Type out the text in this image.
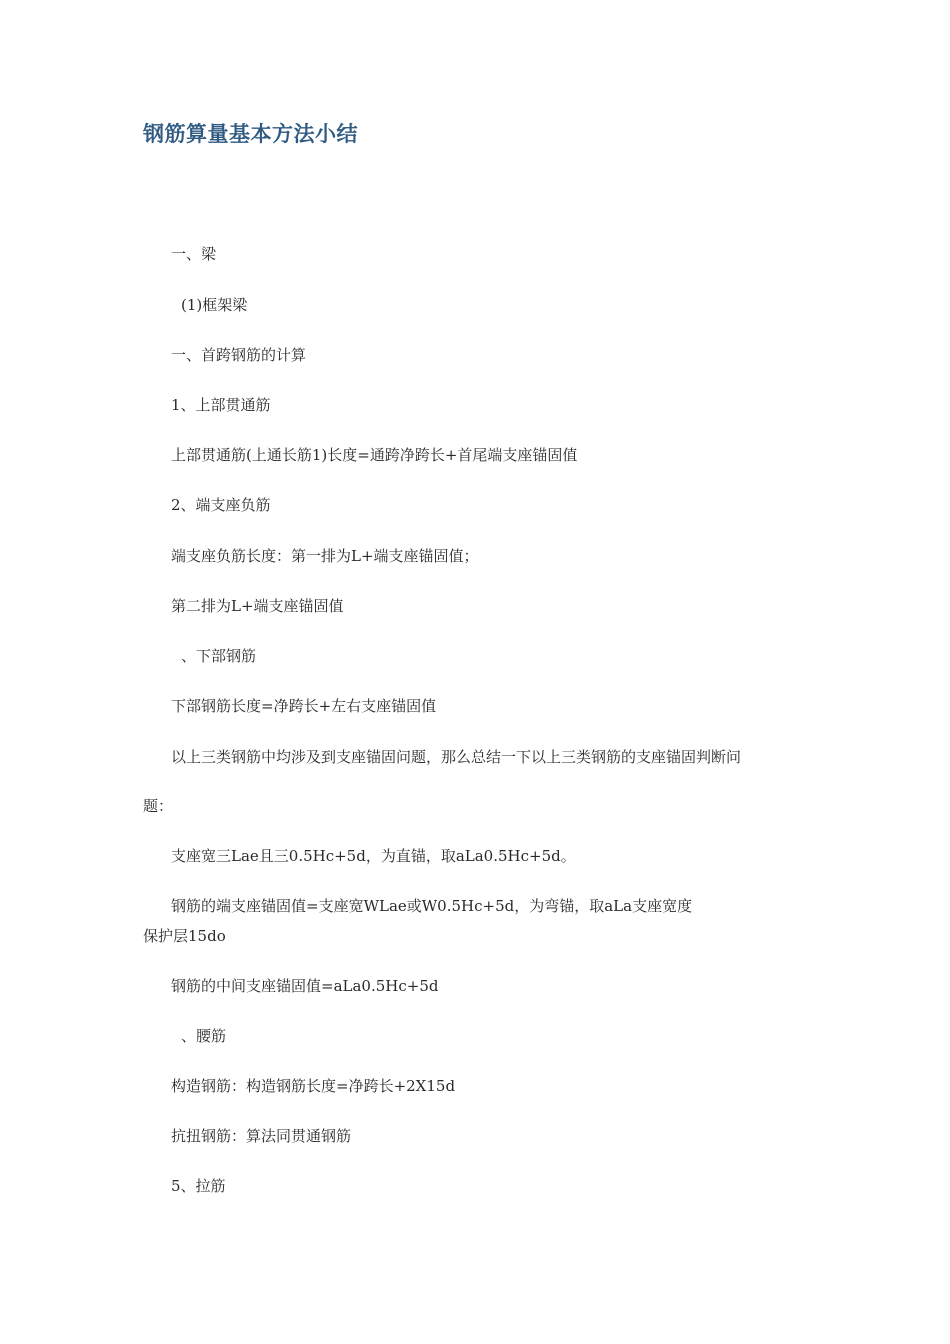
钢筋算量基本方法小结
一、梁
(1)框架梁
一、首跨钢筋的计算
1、上部贯通筋
上部贯通筋(上通长筋1)长度=通跨净跨长+首尾端支座锚固值
2、端支座负筋
端支座负筋长度：第一排为L+端支座锚固值；
第二排为L+端支座锚固值
、下部钢筋
下部钢筋长度=净跨长+左右支座锚固值
以上三类钢筋中均涉及到支座锚固问题，那么总结一下以上三类钢筋的支座锚固判断问
题：
支座宽三Lae且三0.5Hc+5d，为直锚，取aLa0.5Hc+5d。
钢筋的端支座锚固值=支座宽WLae或W0.5Hc+5d，为弯锚，取aLa支座宽度
保护层15do
钢筋的中间支座锚固值=aLa0.5Hc+5d
、腰筋
构造钢筋：构造钢筋长度=净跨长+2X15d
抗扭钢筋：算法同贯通钢筋
5、拉筋
